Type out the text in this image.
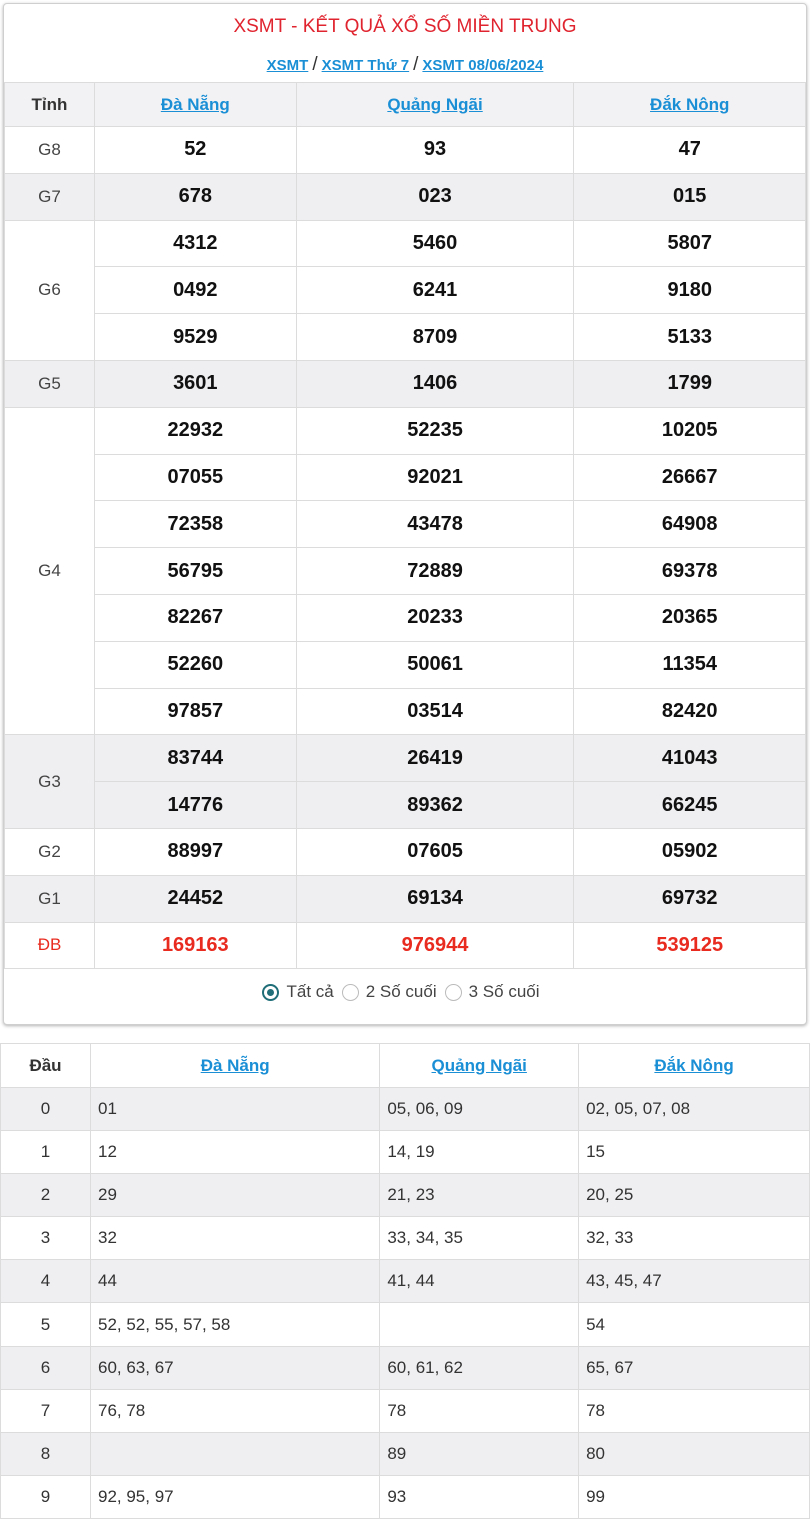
XSMT - KẾT QUẢ XỔ SỐ MIỀN TRUNG
XSMT / XSMT Thứ 7 / XSMT 08/06/2024
Tỉnh	Đà Nẵng	Quảng Ngãi	Đắk Nông
G8	52	93	47
G7	678	023	015
G6	4312	5460	5807
	0492	6241	9180
	9529	8709	5133
G5	3601	1406	1799
G4	22932	52235	10205
	07055	92021	26667
	72358	43478	64908
	56795	72889	69378
	82267	20233	20365
	52260	50061	11354
	97857	03514	82420
G3	83744	26419	41043
	14776	89362	66245
G2	88997	07605	05902
G1	24452	69134	69732
ĐB	169163	976944	539125
Tất cả 2 Số cuối 3 Số cuối
Đầu	Đà Nẵng	Quảng Ngãi	Đắk Nông
0	01	05, 06, 09	02, 05, 07, 08
1	12	14, 19	15
2	29	21, 23	20, 25
3	32	33, 34, 35	32, 33
4	44	41, 44	43, 45, 47
5	52, 52, 55, 57, 58		54
6	60, 63, 67	60, 61, 62	65, 67
7	76, 78	78	78
8		89	80
9	92, 95, 97	93	99
